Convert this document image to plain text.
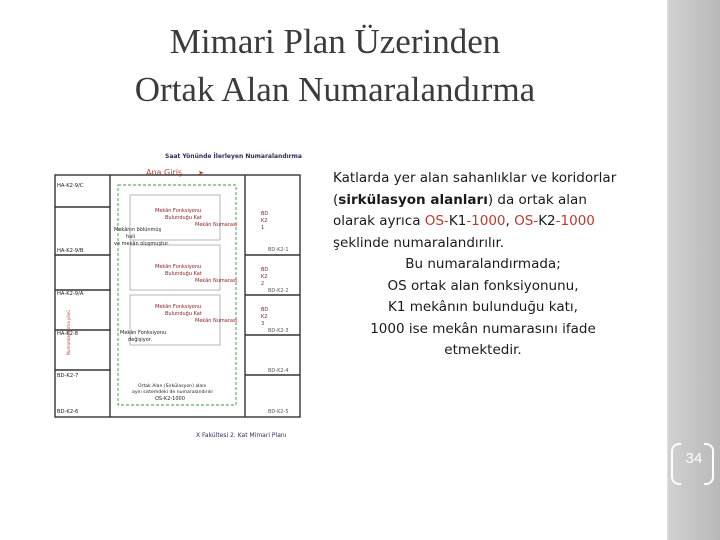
34
Mimari Plan Üzerinden
Ortak Alan Numaralandırma
Saat Yönünde İlerleyen Numaralandırma
Ana Giriş ➤
HA-K2-9/C
HA-K2-9/B
HA-K2-9/A
HA-K2-8
BD-K2-7
BD-K2-6
BD-K2-1
BD-K2-2
BD-K2-3
BD-K2-4
BD-K2-5
Mekân Fonksiyonu
Bulunduğu Kat
Mekân Numarası
BD
K2
1
Mekân Fonksiyonu
Bulunduğu Kat
Mekân Numarası
BD
K2
2
Mekân Fonksiyonu
Bulunduğu Kat
Mekân Numarası
BD
K2
3
Mekânın bölünmüş
hali
ve mekân oluşmuştur
Mekân Fonksiyonu
değişiyor.
Numaralandırma yönü
Ortak Alan (Sirkülasyon) alanı
aynı sistemdeki de numaralandırılır
OS-K2-1000
X Fakültesi 2. Kat Mimari Planı

Katlarda yer alan sahanlıklar ve koridorlar (sirkülasyon alanları) da ortak alan olarak ayrıca OS-K1-1000, OS-K2-1000 şeklinde numaralandırılır.

Bu numaralandırmada;

OS ortak alan fonksiyonunu,

K1 mekânın bulunduğu katı,

1000 ise mekân numarasını ifade etmektedir.
